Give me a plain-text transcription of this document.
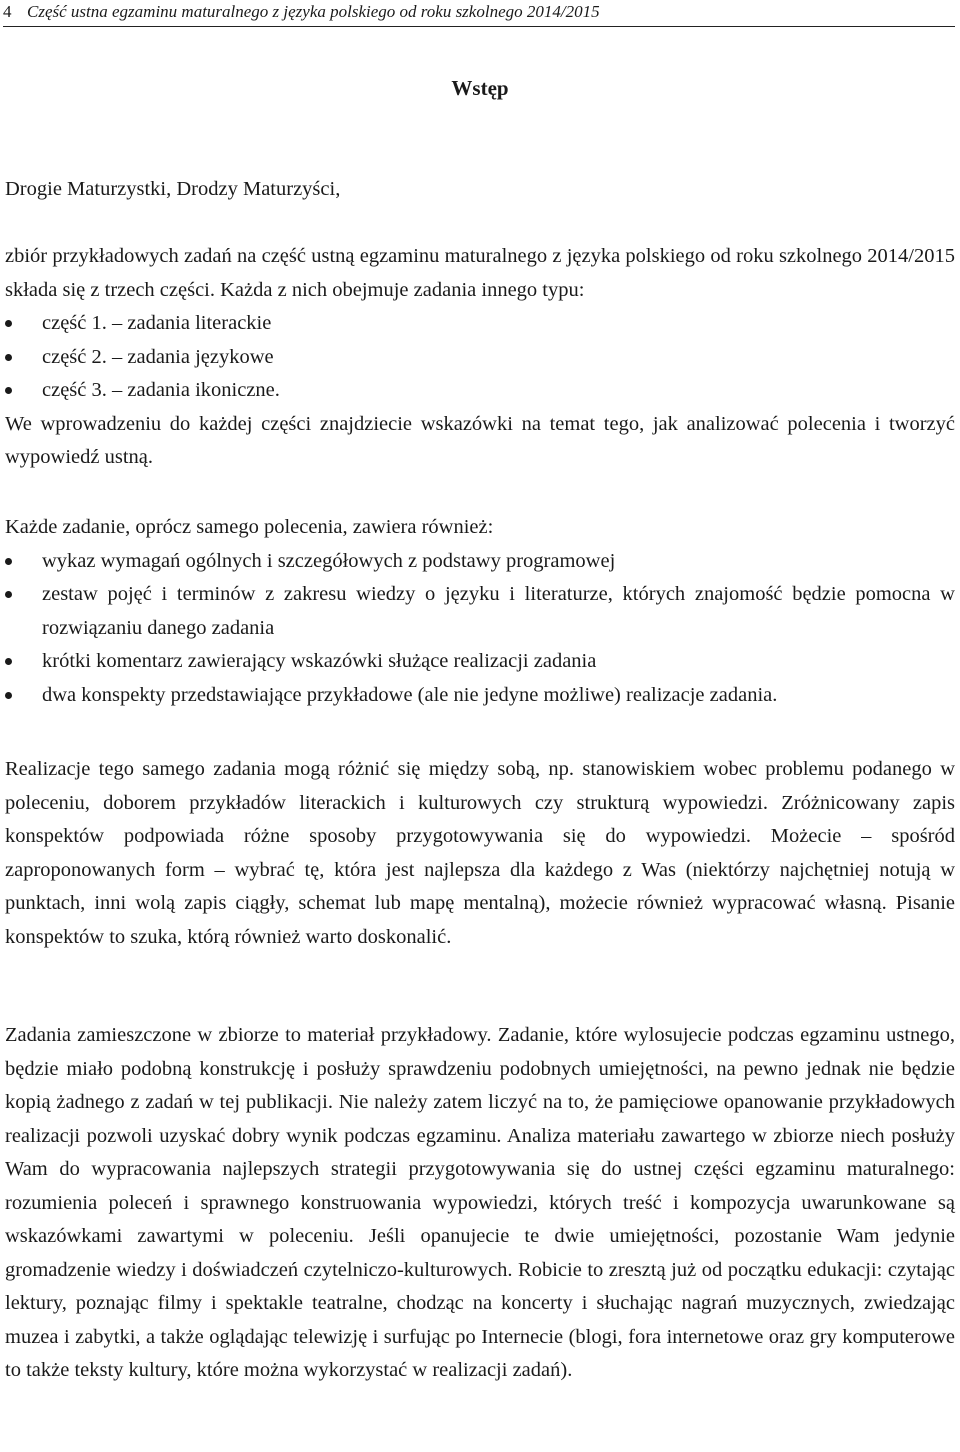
4 Część ustna egzaminu maturalnego z języka polskiego od roku szkolnego 2014/2015
Wstęp

Drogie Maturzystki, Drodzy Maturzyści,

zbiór przykładowych zadań na część ustną egzaminu maturalnego z języka polskiego od roku szkolnego 2014/2015 składa się z trzech części. Każda z nich obejmuje zadania innego typu:

część 1. – zadania literackie
część 2. – zadania językowe
część 3. – zadania ikoniczne.

We wprowadzeniu do każdej części znajdziecie wskazówki na temat tego, jak analizować polecenia i tworzyć wypowiedź ustną.

Każde zadanie, oprócz samego polecenia, zawiera również:

wykaz wymagań ogólnych i szczegółowych z podstawy programowej
zestaw pojęć i terminów z zakresu wiedzy o języku i literaturze, których znajomość będzie pomocna w rozwiązaniu danego zadania
krótki komentarz zawierający wskazówki służące realizacji zadania
dwa konspekty przedstawiające przykładowe (ale nie jedyne możliwe) realizacje zadania.

Realizacje tego samego zadania mogą różnić się między sobą, np. stanowiskiem wobec problemu podanego w poleceniu, doborem przykładów literackich i kulturowych czy strukturą wypowiedzi. Zróżnicowany zapis konspektów podpowiada różne sposoby przygotowywania się do wypowiedzi. Możecie – spośród zaproponowanych form – wybrać tę, która jest najlepsza dla każdego z Was (niektórzy najchętniej notują w punktach, inni wolą zapis ciągły, schemat lub mapę mentalną), możecie również wypracować własną. Pisanie konspektów to szuka, którą również warto doskonalić.

Zadania zamieszczone w zbiorze to materiał przykładowy. Zadanie, które wylosujecie podczas egzaminu ustnego, będzie miało podobną konstrukcję i posłuży sprawdzeniu podobnych umiejętności, na pewno jednak nie będzie kopią żadnego z zadań w tej publikacji. Nie należy zatem liczyć na to, że pamięciowe opanowanie przykładowych realizacji pozwoli uzyskać dobry wynik podczas egzaminu. Analiza materiału zawartego w zbiorze niech posłuży Wam do wypracowania najlepszych strategii przygotowywania się do ustnej części egzaminu maturalnego: rozumienia poleceń i sprawnego konstruowania wypowiedzi, których treść i kompozycja uwarunkowane są wskazówkami zawartymi w poleceniu. Jeśli opanujecie te dwie umiejętności, pozostanie Wam jedynie gromadzenie wiedzy i doświadczeń czytelniczo-kulturowych. Robicie to zresztą już od początku edukacji: czytając lektury, poznając filmy i spektakle teatralne, chodząc na koncerty i słuchając nagrań muzycznych, zwiedzając muzea i zabytki, a także oglądając telewizję i surfując po Internecie (blogi, fora internetowe oraz gry komputerowe to także teksty kultury, które można wykorzystać w realizacji zadań).
